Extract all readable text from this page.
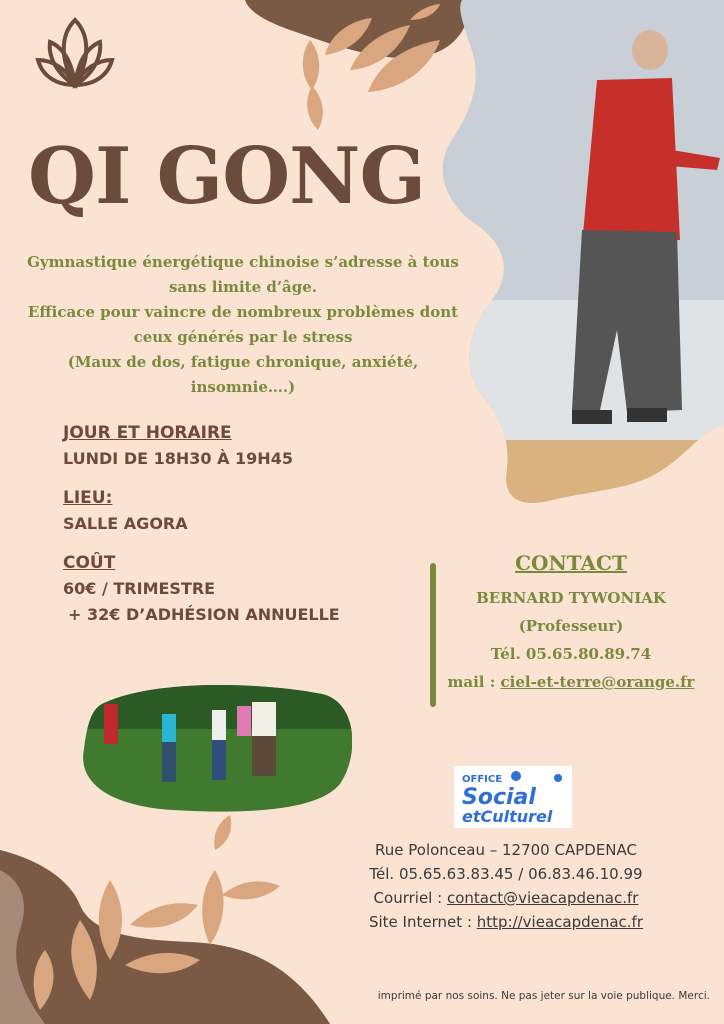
QI GONG
Gymnastique énergétique chinoise s’adresse à tous
sans limite d’âge.
Efficace pour vaincre de nombreux problèmes dont
ceux générés par le stress
(Maux de dos, fatigue chronique, anxiété,
insomnie….)
JOUR ET HORAIRE
LUNDI DE 18H30 À 19H45
LIEU:
SALLE AGORA
COÛT
60€ / TRIMESTRE
+ 32€ D’ADHÉSION ANNUELLE
CONTACT
BERNARD TYWONIAK
(Professeur)
Tél. 05.65.80.89.74
mail : ciel-et-terre@orange.fr
OFFICE
Social
etCulturel
Rue Polonceau – 12700 CAPDENAC
Tél. 05.65.63.83.45 / 06.83.46.10.99
Courriel : contact@vieacapdenac.fr
Site Internet : http://vieacapdenac.fr
imprimé par nos soins. Ne pas jeter sur la voie publique. Merci.
